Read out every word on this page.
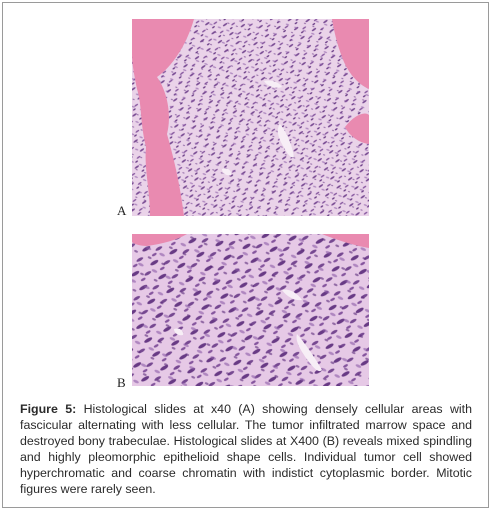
A
B

Figure 5: Histological slides at x40 (A) showing densely cellular areas with fascicular alternating with less cellular. The tumor infiltrated marrow space and destroyed bony trabeculae. Histological slides at X400 (B) reveals mixed spindling and highly pleomorphic epithelioid shape cells. Individual tumor cell showed hyperchromatic and coarse chromatin with indistict cytoplasmic border. Mitotic figures were rarely seen.
